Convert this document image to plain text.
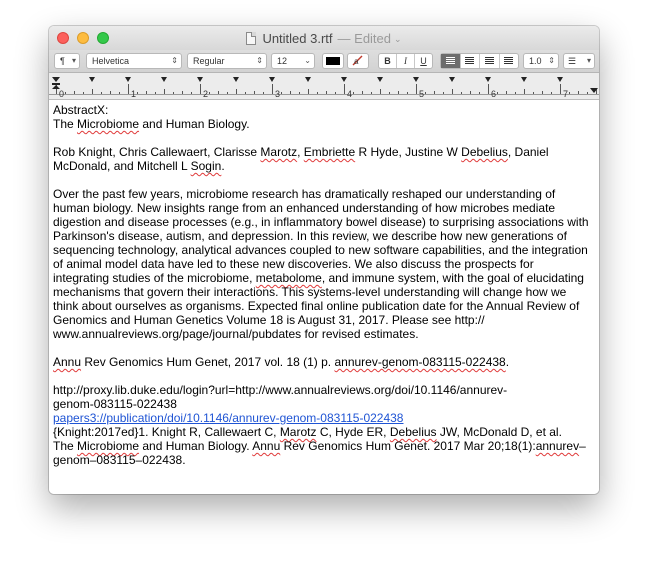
Untitled 3.rtf — Edited ⌄
¶ ▾	Helvetica	⇕	Regular	⇕	12 ⌄	a	B	I	U	1.0 ⇕	☰ ▾
0	1	2	3	4	5	6	7

AbstractX:

The Microbiome and Human Biology.

Rob Knight, Chris Callewaert, Clarisse Marotz, Embriette R Hyde, Justine W Debelius, Daniel

McDonald, and Mitchell L Sogin.

Over the past few years, microbiome research has dramatically reshaped our understanding of

human biology. New insights range from an enhanced understanding of how microbes mediate

digestion and disease processes (e.g., in inflammatory bowel disease) to surprising associations with

Parkinson's disease, autism, and depression. In this review, we describe how new generations of

sequencing technology, analytical advances coupled to new software capabilities, and the integration

of animal model data have led to these new discoveries. We also discuss the prospects for

integrating studies of the microbiome, metabolome, and immune system, with the goal of elucidating

mechanisms that govern their interactions. This systems-level understanding will change how we

think about ourselves as organisms. Expected final online publication date for the Annual Review of

Genomics and Human Genetics Volume 18 is August 31, 2017. Please see http://

www.annualreviews.org/page/journal/pubdates for revised estimates.

Annu Rev Genomics Hum Genet, 2017 vol. 18 (1) p. annurev-genom-083115-022438.

http://proxy.lib.duke.edu/login?url=http://www.annualreviews.org/doi/10.1146/annurev-

genom-083115-022438

papers3://publication/doi/10.1146/annurev-genom-083115-022438

{Knight:2017ed}1. Knight R, Callewaert C, Marotz C, Hyde ER, Debelius JW, McDonald D, et al.

The Microbiome and Human Biology. Annu Rev Genomics Hum Genet. 2017 Mar 20;18(1):annurev–

genom–083115–022438.
